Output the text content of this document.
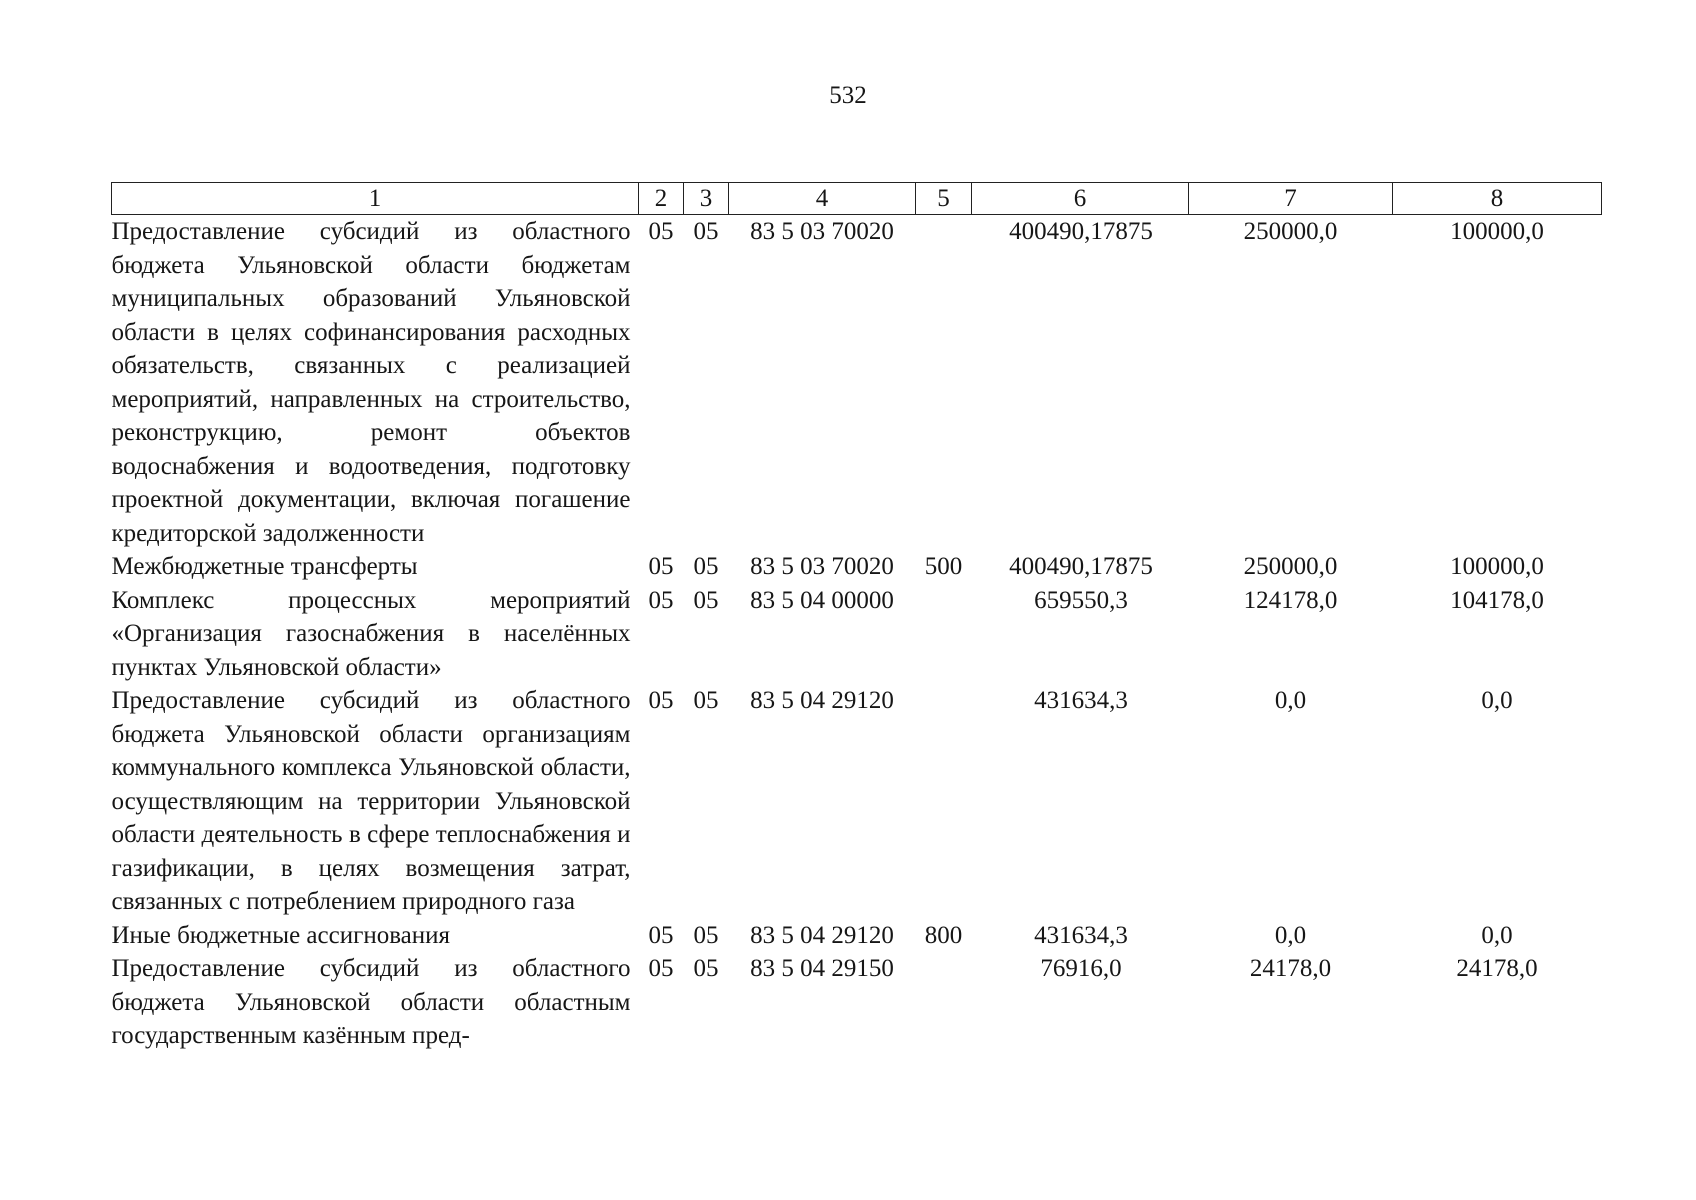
532
1	2	3	4	5	6	7	8
Предоставление субсидий из областного бюджета Ульяновской области бюджетам муниципальных образований Ульяновской области в целях софинансирования расходных обязательств, связанных с реализацией мероприятий, направленных на строительство, реконструкцию, ремонт объектов водоснабжения и водоотведения, подготовку проектной документации, включая погашение кредиторской задолженности	05	05	83 5 03 70020		400490,17875	250000,0	100000,0
Межбюджетные трансферты	05	05	83 5 03 70020	500	400490,17875	250000,0	100000,0
Комплекс процессных мероприятий «Организация газоснабжения в населённых пунктах Ульяновской области»	05	05	83 5 04 00000		659550,3	124178,0	104178,0
Предоставление субсидий из областного бюджета Ульяновской области организациям коммунального комплекса Ульяновской области, осуществляющим на территории Ульяновской области деятельность в сфере теплоснабжения и газификации, в целях возмещения затрат, связанных с потреблением природного газа	05	05	83 5 04 29120		431634,3	0,0	0,0
Иные бюджетные ассигнования	05	05	83 5 04 29120	800	431634,3	0,0	0,0
Предоставление субсидий из областного бюджета Ульяновской области областным государственным казённым пред-	05	05	83 5 04 29150		76916,0	24178,0	24178,0
